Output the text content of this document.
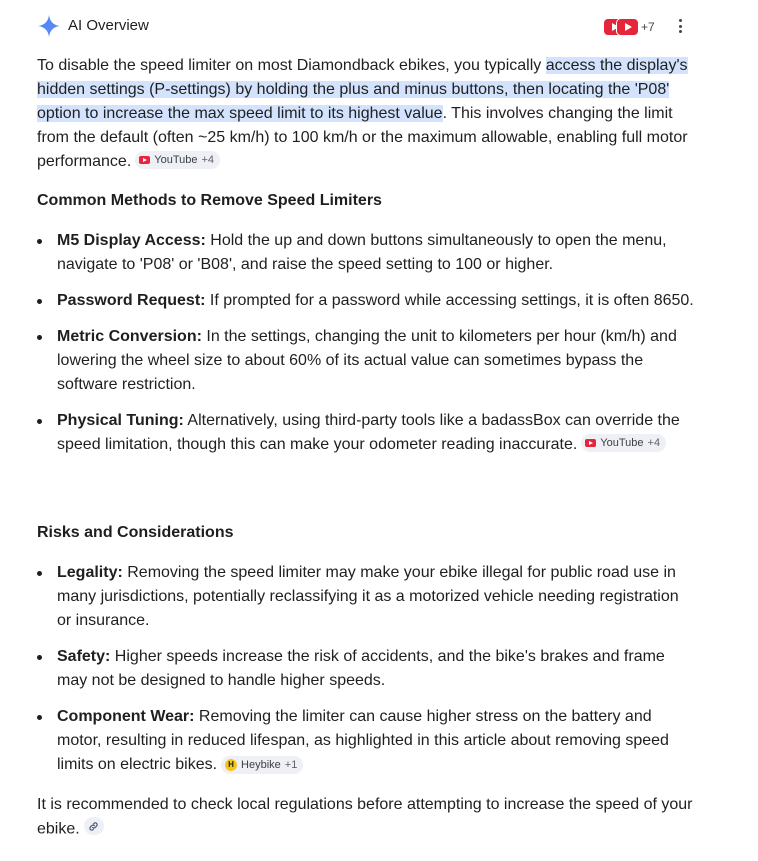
AI Overview	+7
To disable the speed limiter on most Diamondback ebikes, you typically access the display's hidden settings (P-settings) by holding the plus and minus buttons, then locating the 'P08' option to increase the max speed limit to its highest value. This involves changing the limit from the default (often ~25 km/h) to 100 km/h or the maximum allowable, enabling full motor performance. YouTube +4
Common Methods to Remove Speed Limiters
M5 Display Access: Hold the up and down buttons simultaneously to open the menu, navigate to 'P08' or 'B08', and raise the speed setting to 100 or higher.
Password Request: If prompted for a password while accessing settings, it is often 8650.
Metric Conversion: In the settings, changing the unit to kilometers per hour (km/h) and lowering the wheel size to about 60% of its actual value can sometimes bypass the software restriction.
Physical Tuning: Alternatively, using third-party tools like a badassBox can override the speed limitation, though this can make your odometer reading inaccurate. YouTube +4
Risks and Considerations
Legality: Removing the speed limiter may make your ebike illegal for public road use in many jurisdictions, potentially reclassifying it as a motorized vehicle needing registration or insurance.
Safety: Higher speeds increase the risk of accidents, and the bike's brakes and frame may not be designed to handle higher speeds.
Component Wear: Removing the limiter can cause higher stress on the battery and motor, resulting in reduced lifespan, as highlighted in this article about removing speed limits on electric bikes.	H Heybike +1
It is recommended to check local regulations before attempting to increase the speed of your ebike.
